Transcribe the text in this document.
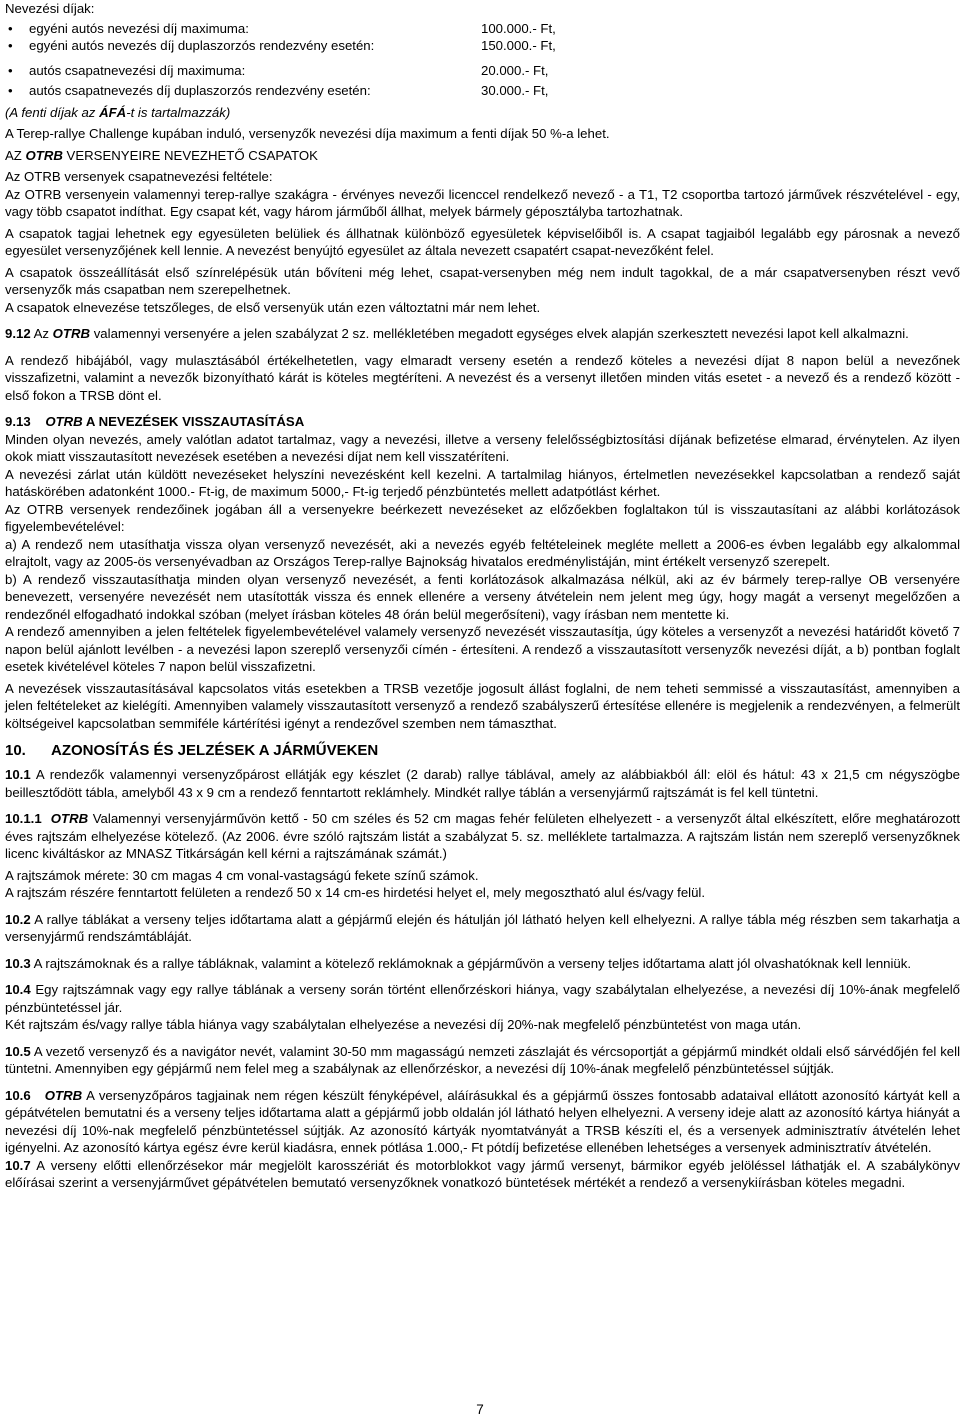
Nevezési díjak:

• egyéni autós nevezési díj maximuma:	100.000.- Ft,
• egyéni autós nevezés díj duplaszorzós rendezvény esetén:	150.000.- Ft,
• autós csapatnevezési díj maximuma:	20.000.- Ft,
• autós csapatnevezés díj duplaszorzós rendezvény esetén:	30.000.- Ft,

(A fenti díjak az ÁFÁ-t is tartalmazzák)

A Terep-rallye Challenge kupában induló, versenyzők nevezési díja maximum a fenti díjak 50 %-a lehet.

AZ OTRB VERSENYEIRE NEVEZHETŐ CSAPATOK

Az OTRB versenyek csapatnevezési feltétele:

Az OTRB versenyein valamennyi terep-rallye szakágra - érvényes nevezői licenccel rendelkező nevező - a T1, T2 csoportba tartozó járművek részvételével - egy, vagy több csapatot indíthat. Egy csapat két, vagy három járműből állhat, melyek bármely géposztályba tartozhatnak.

A csapatok tagjai lehetnek egy egyesületen belüliek és állhatnak különböző egyesületek képviselőiből is. A csapat tagjaiból legalább egy párosnak a nevező egyesület versenyzőjének kell lennie. A nevezést benyújtó egyesület az általa nevezett csapatért csapat-nevezőként felel.

A csapatok összeállítását első színrelépésük után bővíteni még lehet, csapat-versenyben még nem indult tagokkal, de a már csapatversenyben részt vevő versenyzők más csapatban nem szerepelhetnek.

A csapatok elnevezése tetszőleges, de első versenyük után ezen változtatni már nem lehet.

9.12 Az OTRB valamennyi versenyére a jelen szabályzat 2 sz. mellékletében megadott egységes elvek alapján szerkesztett nevezési lapot kell alkalmazni.

A rendező hibájából, vagy mulasztásából értékelhetetlen, vagy elmaradt verseny esetén a rendező köteles a nevezési díjat 8 napon belül a nevezőnek visszafizetni, valamint a nevezők bizonyítható kárát is köteles megtéríteni. A nevezést és a versenyt illetően minden vitás esetet - a nevező és a rendező között - első fokon a TRSB dönt el.

9.13 OTRB A NEVEZÉSEK VISSZAUTASÍTÁSA

Minden olyan nevezés, amely valótlan adatot tartalmaz, vagy a nevezési, illetve a verseny felelősségbiztosítási díjának befizetése elmarad, érvénytelen. Az ilyen okok miatt visszautasított nevezések esetében a nevezési díjat nem kell visszatéríteni.

A nevezési zárlat után küldött nevezéseket helyszíni nevezésként kell kezelni. A tartalmilag hiányos, értelmetlen nevezésekkel kapcsolatban a rendező saját hatáskörében adatonként 1000.- Ft-ig, de maximum 5000,- Ft-ig terjedő pénzbüntetés mellett adatpótlást kérhet.

Az OTRB versenyek rendezőinek jogában áll a versenyekre beérkezett nevezéseket az előzőekben foglaltakon túl is visszautasítani az alábbi korlátozások figyelembevételével:

a) A rendező nem utasíthatja vissza olyan versenyző nevezését, aki a nevezés egyéb feltételeinek megléte mellett a 2006-es évben legalább egy alkalommal elrajtolt, vagy az 2005-ös versenyévadban az Országos Terep-rallye Bajnokság hivatalos eredménylistáján, mint értékelt versenyző szerepelt.

b) A rendező visszautasíthatja minden olyan versenyző nevezését, a fenti korlátozások alkalmazása nélkül, aki az év bármely terep-rallye OB versenyére benevezett, versenyére nevezését nem utasították vissza és ennek ellenére a verseny átvételein nem jelent meg úgy, hogy magát a versenyt megelőzően a rendezőnél elfogadható indokkal szóban (melyet írásban köteles 48 órán belül megerősíteni), vagy írásban nem mentette ki.

A rendező amennyiben a jelen feltételek figyelembevételével valamely versenyző nevezését visszautasítja, úgy köteles a versenyzőt a nevezési határidőt követő 7 napon belül ajánlott levélben - a nevezési lapon szereplő versenyzői címén - értesíteni. A rendező a visszautasított versenyzők nevezési díját, a b) pontban foglalt esetek kivételével köteles 7 napon belül visszafizetni.

A nevezések visszautasításával kapcsolatos vitás esetekben a TRSB vezetője jogosult állást foglalni, de nem teheti semmissé a visszautasítást, amennyiben a jelen feltételeket az kielégíti. Amennyiben valamely visszautasított versenyző a rendező szabályszerű értesítése ellenére is megjelenik a rendezvényen, a felmerült költségeivel kapcsolatban semmiféle kártérítési igényt a rendezővel szemben nem támaszthat.

10. AZONOSÍTÁS ÉS JELZÉSEK A JÁRMŰVEKEN

10.1 A rendezők valamennyi versenyzőpárost ellátják egy készlet (2 darab) rallye táblával, amely az alábbiakból áll: elöl és hátul: 43 x 21,5 cm négyszögbe beillesztődött tábla, amelyből 43 x 9 cm a rendező fenntartott reklámhely. Mindkét rallye táblán a versenyjármű rajtszámát is fel kell tüntetni.

10.1.1 OTRB Valamennyi versenyjárművön kettő - 50 cm széles és 52 cm magas fehér felületen elhelyezett - a versenyzőt által elkészített, előre meghatározott éves rajtszám elhelyezése kötelező. (Az 2006. évre szóló rajtszám listát a szabályzat 5. sz. melléklete tartalmazza. A rajtszám listán nem szereplő versenyzőknek licenc kiváltáskor az MNASZ Titkárságán kell kérni a rajtszámának számát.)

A rajtszámok mérete: 30 cm magas 4 cm vonal-vastagságú fekete színű számok.

A rajtszám részére fenntartott felületen a rendező 50 x 14 cm-es hirdetési helyet el, mely megosztható alul és/vagy felül.

10.2 A rallye táblákat a verseny teljes időtartama alatt a gépjármű elején és hátulján jól látható helyen kell elhelyezni. A rallye tábla még részben sem takarhatja a versenyjármű rendszámtábláját.

10.3 A rajtszámoknak és a rallye tábláknak, valamint a kötelező reklámoknak a gépjárművön a verseny teljes időtartama alatt jól olvashatóknak kell lenniük.

10.4 Egy rajtszámnak vagy egy rallye táblának a verseny során történt ellenőrzéskori hiánya, vagy szabálytalan elhelyezése, a nevezési díj 10%-ának megfelelő pénzbüntetéssel jár.

Két rajtszám és/vagy rallye tábla hiánya vagy szabálytalan elhelyezése a nevezési díj 20%-nak megfelelő pénzbüntetést von maga után.

10.5 A vezető versenyző és a navigátor nevét, valamint 30-50 mm magasságú nemzeti zászlaját és vércsoportját a gépjármű mindkét oldali első sárvédőjén fel kell tüntetni. Amennyiben egy gépjármű nem felel meg a szabálynak az ellenőrzéskor, a nevezési díj 10%-ának megfelelő pénzbüntetéssel sújtják.

10.6 OTRB A versenyzőpáros tagjainak nem régen készült fényképével, aláírásukkal és a gépjármű összes fontosabb adataival ellátott azonosító kártyát kell a gépátvételen bemutatni és a verseny teljes időtartama alatt a gépjármű jobb oldalán jól látható helyen elhelyezni. A verseny ideje alatt az azonosító kártya hiányát a nevezési díj 10%-nak megfelelő pénzbüntetéssel sújtják. Az azonosító kártyák nyomtatványát a TRSB készíti el, és a versenyek adminisztratív átvételén lehet igényelni. Az azonosító kártya egész évre kerül kiadásra, ennek pótlása 1.000,- Ft pótdíj befizetése ellenében lehetséges a versenyek adminisztratív átvételén.

10.7 A verseny előtti ellenőrzésekor már megjelölt karosszériát és motorblokkot vagy jármű versenyt, bármikor egyéb jelöléssel láthatják el. A szabálykönyv előírásai szerint a versenyjárművet gépátvételen bemutató versenyzőknek vonatkozó büntetések mértékét a rendező a versenykiírásban köteles megadni.

7
